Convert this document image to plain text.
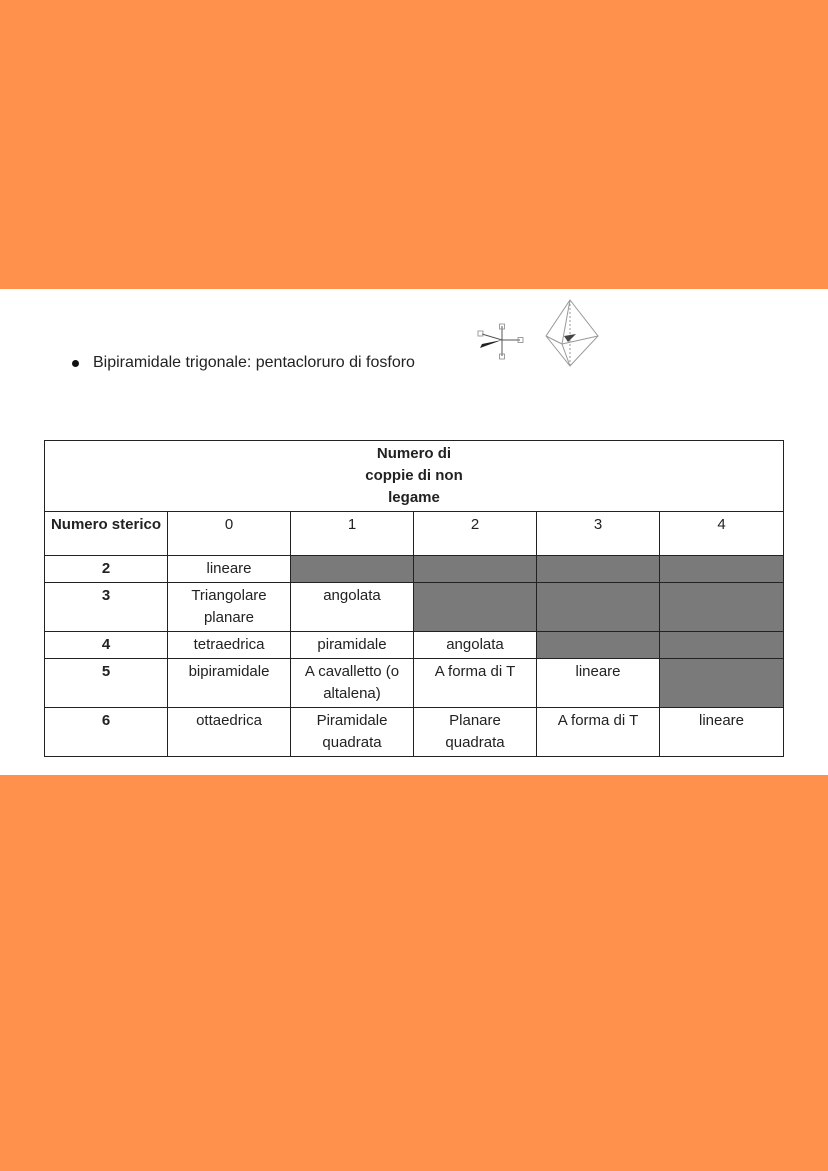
Bipiramidale trigonale: pentacloruro di fosforo
Numero di coppie di non legame					
Numero sterico	0	1	2	3	4
2	lineare				
3	Triangolare planare	angolata			
4	tetraedrica	piramidale	angolata		
5	bipiramidale	A cavalletto (o altalena)	A forma di T	lineare	
6	ottaedrica	Piramidale quadrata	Planare quadrata	A forma di T	lineare
